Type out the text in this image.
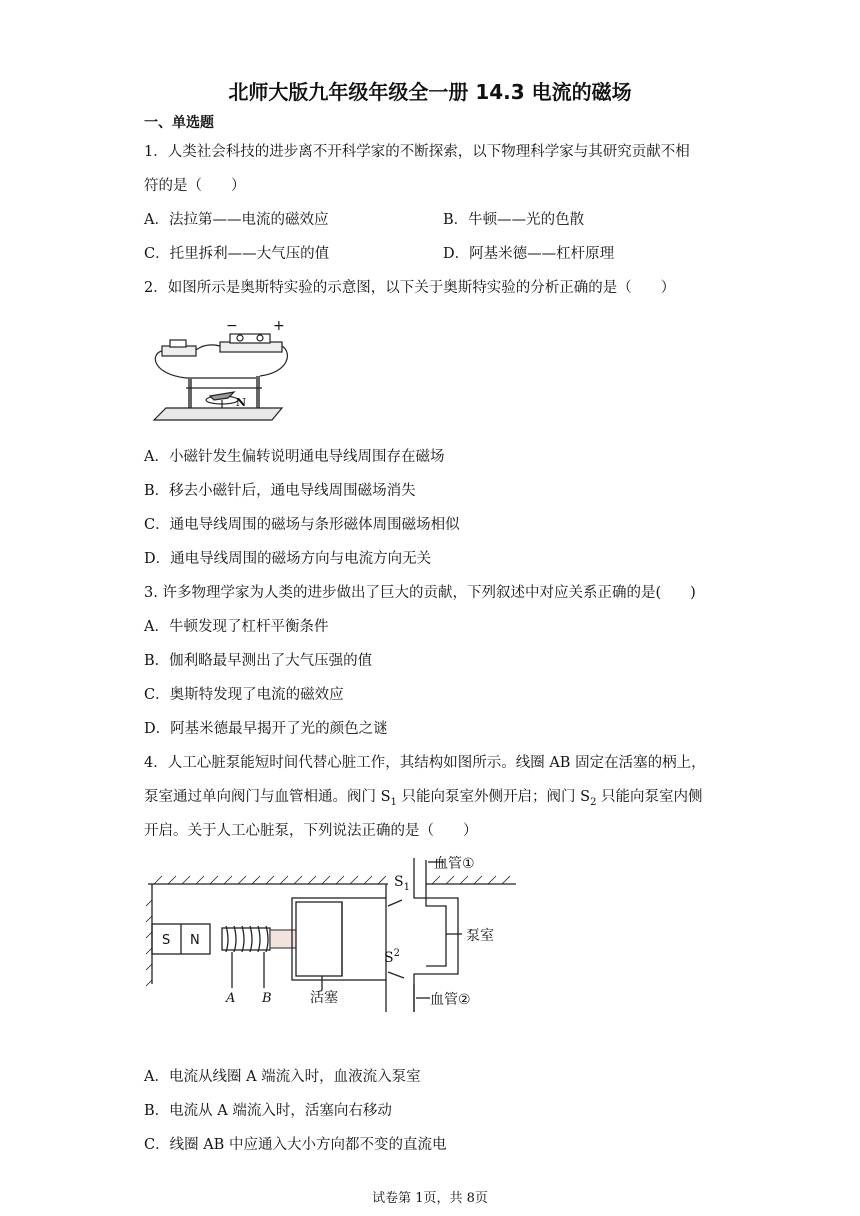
北师大版九年级年级全一册 14.3 电流的磁场
一、单选题
1．人类社会科技的进步离不开科学家的不断探索，以下物理科学家与其研究贡献不相
符的是（　　）
A．法拉第——电流的磁效应	B．牛顿——光的色散
C．托里拆利——大气压的值	D．阿基米德——杠杆原理
2．如图所示是奥斯特实验的示意图，以下关于奥斯特实验的分析正确的是（　　）
−	+
N
A．小磁针发生偏转说明通电导线周围存在磁场
B．移去小磁针后，通电导线周围磁场消失
C．通电导线周围的磁场与条形磁体周围磁场相似
D．通电导线周围的磁场方向与电流方向无关
3. 许多物理学家为人类的进步做出了巨大的贡献，下列叙述中对应关系正确的是(　　)
A．牛顿发现了杠杆平衡条件
B．伽利略最早测出了大气压强的值
C．奥斯特发现了电流的磁效应
D．阿基米德最早揭开了光的颜色之谜
4．人工心脏泵能短时间代替心脏工作，其结构如图所示。线圈 AB 固定在活塞的柄上，
泵室通过单向阀门与血管相通。阀门 $S_1$ 只能向泵室外侧开启；阀门 $S_2$ 只能向泵室内侧
开启。关于人工心脏泵，下列说法正确的是（　　）
S N
A B	活塞
$S_1$
$S^2$
血管①
血管②
泵室
A．电流从线圈 A 端流入时，血液流入泵室
B．电流从 A 端流入时，活塞向右移动
C．线圈 AB 中应通入大小方向都不变的直流电
试卷第 1页，共 8页
